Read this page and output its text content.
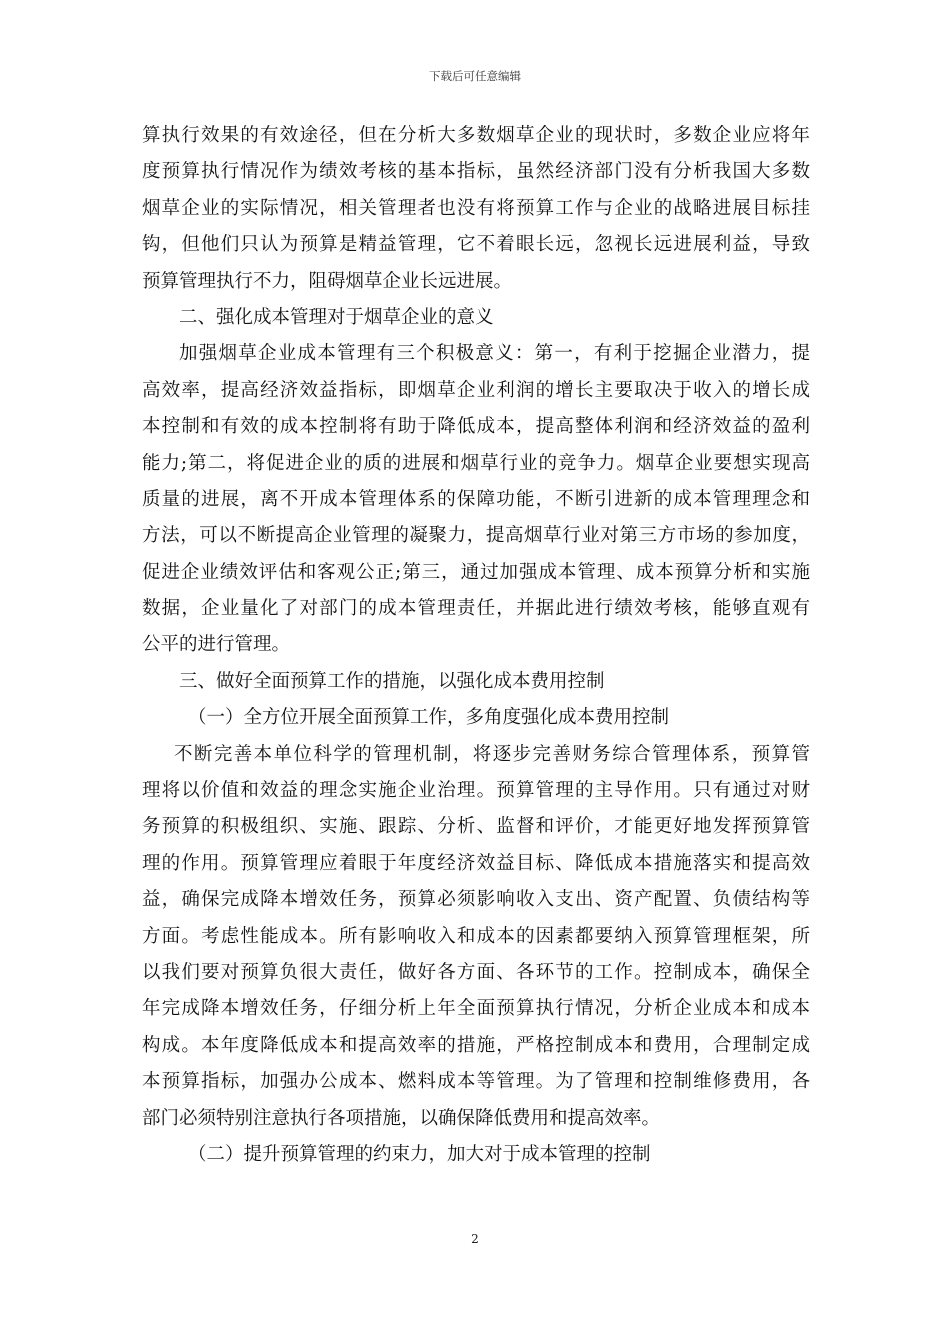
下载后可任意编辑
算执行效果的有效途径，但在分析大多数烟草企业的现状时，多数企业应将年
度预算执行情况作为绩效考核的基本指标，虽然经济部门没有分析我国大多数
烟草企业的实际情况，相关管理者也没有将预算工作与企业的战略进展目标挂
钩，但他们只认为预算是精益管理，它不着眼长远，忽视长远进展利益，导致
预算管理执行不力，阻碍烟草企业长远进展。
二、强化成本管理对于烟草企业的意义
加强烟草企业成本管理有三个积极意义：第一，有利于挖掘企业潜力，提
高效率，提高经济效益指标，即烟草企业利润的增长主要取决于收入的增长成
本控制和有效的成本控制将有助于降低成本，提高整体利润和经济效益的盈利
能力;第二，将促进企业的质的进展和烟草行业的竞争力。烟草企业要想实现高
质量的进展，离不开成本管理体系的保障功能，不断引进新的成本管理理念和
方法，可以不断提高企业管理的凝聚力，提高烟草行业对第三方市场的参加度，
促进企业绩效评估和客观公正;第三，通过加强成本管理、成本预算分析和实施
数据，企业量化了对部门的成本管理责任，并据此进行绩效考核，能够直观有
公平的进行管理。
三、做好全面预算工作的措施，以强化成本费用控制
（一）全方位开展全面预算工作，多角度强化成本费用控制
不断完善本单位科学的管理机制，将逐步完善财务综合管理体系，预算管
理将以价值和效益的理念实施企业治理。预算管理的主导作用。只有通过对财
务预算的积极组织、实施、跟踪、分析、监督和评价，才能更好地发挥预算管
理的作用。预算管理应着眼于年度经济效益目标、降低成本措施落实和提高效
益，确保完成降本增效任务，预算必须影响收入支出、资产配置、负债结构等
方面。考虑性能成本。所有影响收入和成本的因素都要纳入预算管理框架，所
以我们要对预算负很大责任，做好各方面、各环节的工作。控制成本，确保全
年完成降本增效任务，仔细分析上年全面预算执行情况，分析企业成本和成本
构成。本年度降低成本和提高效率的措施，严格控制成本和费用，合理制定成
本预算指标，加强办公成本、燃料成本等管理。为了管理和控制维修费用，各
部门必须特别注意执行各项措施，以确保降低费用和提高效率。
（二）提升预算管理的约束力，加大对于成本管理的控制
2
